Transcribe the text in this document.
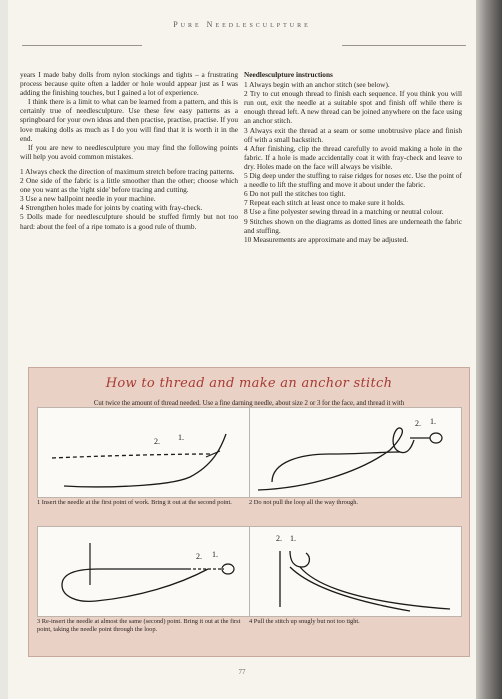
Pure Needlesculpture

years I made baby dolls from nylon stockings and tights – a frustrating process because quite often a ladder or hole would appear just as I was adding the finishing touches, but I gained a lot of experience.

I think there is a limit to what can be learned from a pattern, and this is certainly true of needlesculpture. Use these few easy patterns as a springboard for your own ideas and then practise, practise, practise. If you love making dolls as much as I do you will find that it is worth it in the end.

If you are new to needlesculpture you may find the following points will help you avoid common mistakes.

1 Always check the direction of maximum stretch before tracing patterns.

2 One side of the fabric is a little smoother than the other; choose which one you want as the 'right side' before tracing and cutting.

3 Use a new ballpoint needle in your machine.

4 Strengthen holes made for joints by coating with fray-check.

5 Dolls made for needlesculpture should be stuffed firmly but not too hard: about the feel of a ripe tomato is a good rule of thumb.

Needlesculpture instructions

1 Always begin with an anchor stitch (see below).

2 Try to cut enough thread to finish each sequence. If you think you will run out, exit the needle at a suitable spot and finish off while there is enough thread left. A new thread can be joined anywhere on the face using an anchor stitch.

3 Always exit the thread at a seam or some unobtrusive place and finish off with a small backstitch.

4 After finishing, clip the thread carefully to avoid making a hole in the fabric. If a hole is made accidentally coat it with fray-check and leave to dry. Holes made on the face will always be visible.

5 Dig deep under the stuffing to raise ridges for noses etc. Use the point of a needle to lift the stuffing and move it about under the fabric.

6 Do not pull the stitches too tight.

7 Repeat each stitch at least once to make sure it holds.

8 Use a fine polyester sewing thread in a matching or neutral colour.

9 Stitches shown on the diagrams as dotted lines are underneath the fabric and stuffing.

10 Measurements are approximate and may be adjusted.

How to thread and make an anchor stitch
Cut twice the amount of thread needed. Use a fine darning needle, about size 2 or 3 for the face, and thread it with
2. 1.
1 Insert the needle at the first point of work. Bring it out at the second point.
2. 1.
2 Do not pull the loop all the way through.
2. 1.
3 Re-insert the needle at almost the same (second) point. Bring it out at the first point, taking the needle point through the loop.
2. 1.
4 Pull the stitch up snugly but not too tight.
77
